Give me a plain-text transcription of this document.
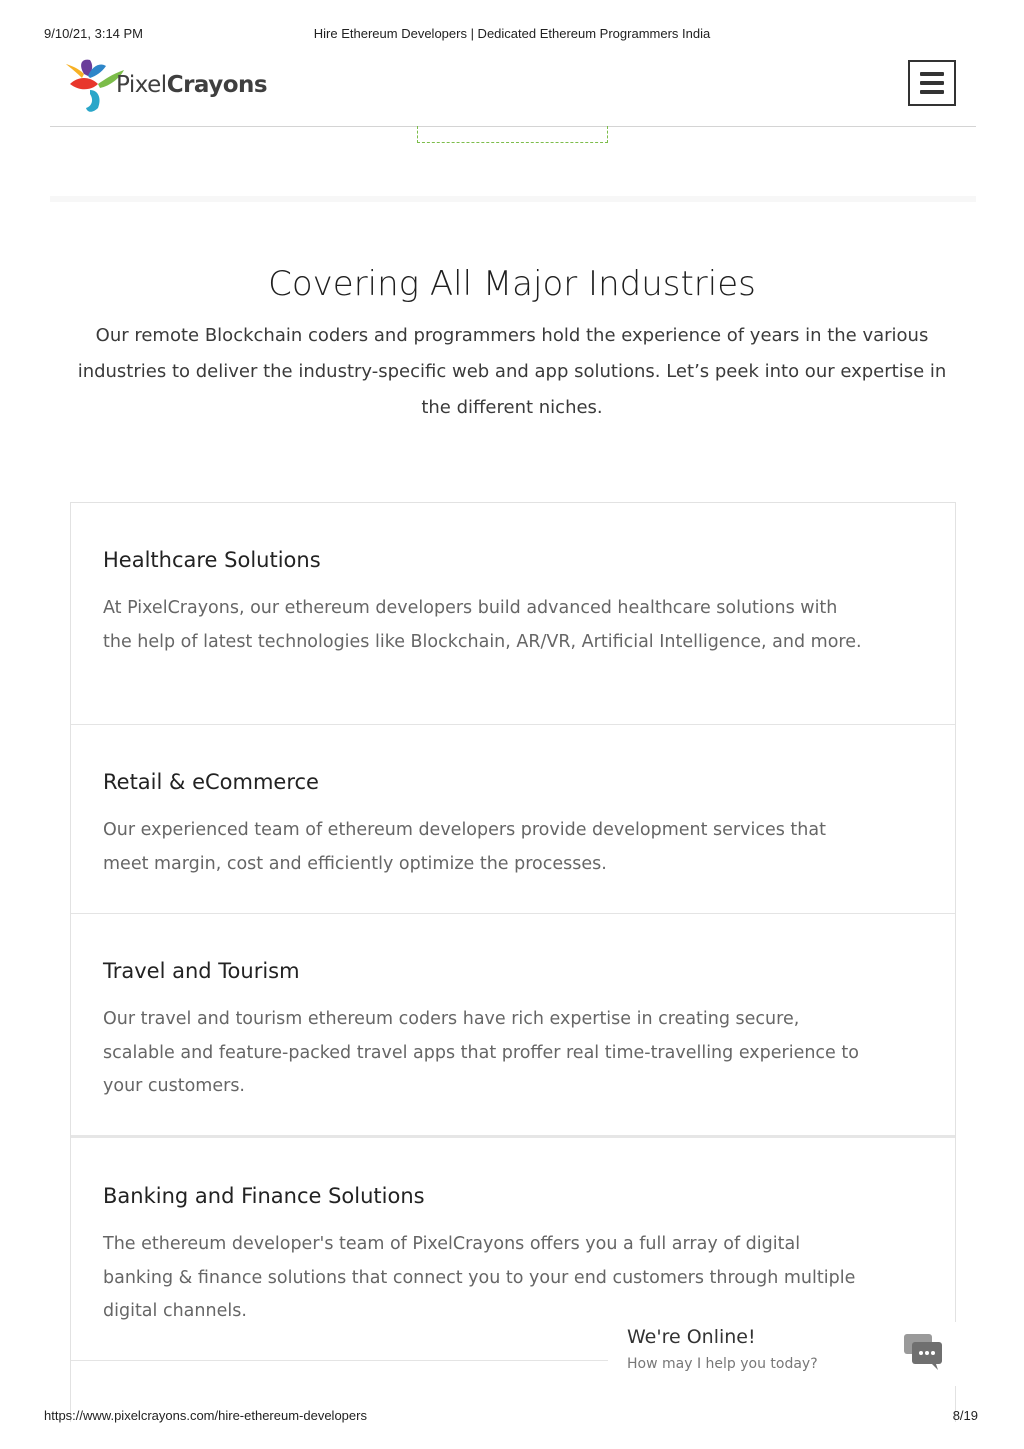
9/10/21, 3:14 PM	Hire Ethereum Developers | Dedicated Ethereum Programmers India
PixelCrayons
Covering All Major Industries

Our remote Blockchain coders and programmers hold the experience of years in the various industries to deliver the industry-specific web and app solutions. Let’s peek into our expertise in the different niches.

Healthcare Solutions
At PixelCrayons, our ethereum developers build advanced healthcare solutions with the help of latest technologies like Blockchain, AR/VR, Artificial Intelligence, and more.
Retail & eCommerce
Our experienced team of ethereum developers provide development services that meet margin, cost and efficiently optimize the processes.
Travel and Tourism
Our travel and tourism ethereum coders have rich expertise in creating secure, scalable and feature-packed travel apps that proffer real time-travelling experience to your customers.
Banking and Finance Solutions
The ethereum developer's team of PixelCrayons offers you a full array of digital banking & finance solutions that connect you to your end customers through multiple digital channels.
We're Online!
How may I help you today?
https://www.pixelcrayons.com/hire-ethereum-developers	8/19
